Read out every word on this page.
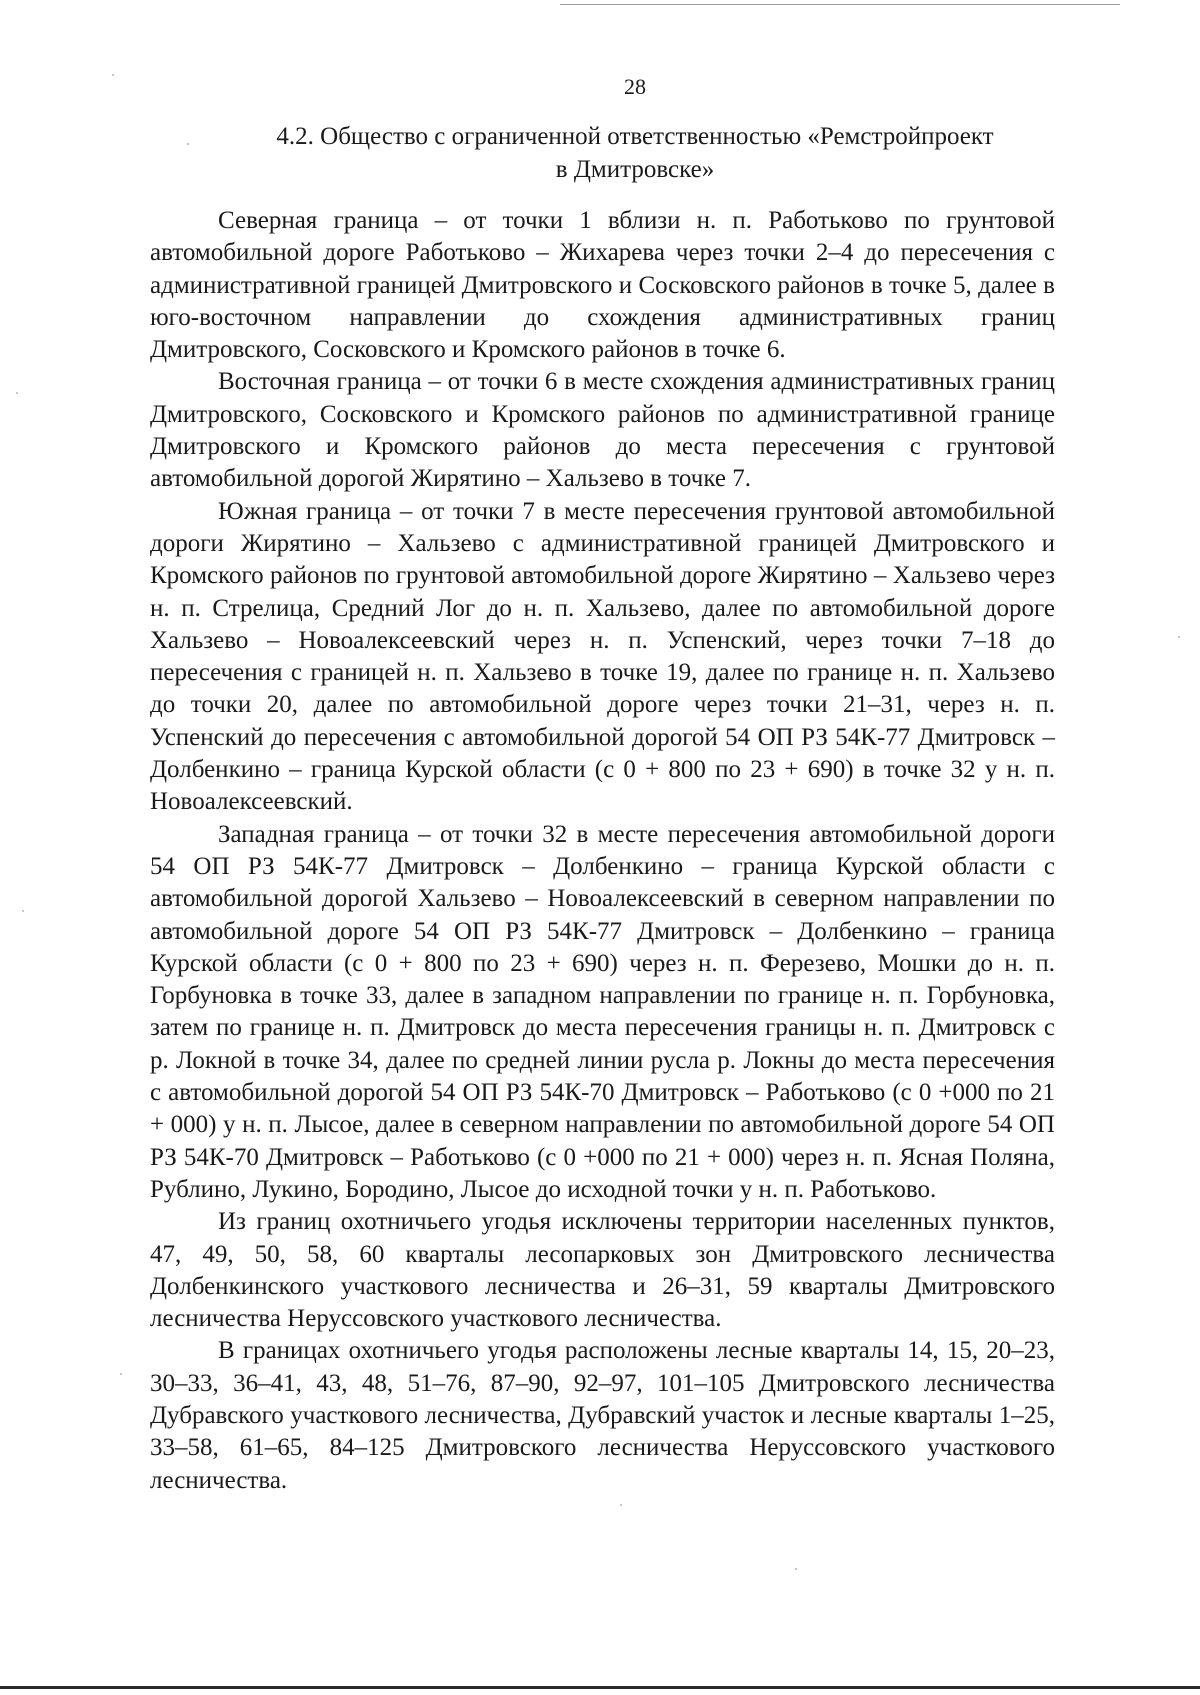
28
4.2. Общество с ограниченной ответственностью «Ремстройпроект
в Дмитровске»

Северная граница – от точки 1 вблизи н. п. Работьково по грунтовой автомобильной дороге Работьково – Жихарева через точки 2–4 до пересечения с административной границей Дмитровского и Сосковского районов в точке 5, далее в юго-восточном направлении до схождения административных границ Дмитровского, Сосковского и Кромского районов в точке 6.

Восточная граница – от точки 6 в месте схождения административных границ Дмитровского, Сосковского и Кромского районов по административной границе Дмитровского и Кромского районов до места пересечения с грунтовой автомобильной дорогой Жирятино – Хальзево в точке 7.

Южная граница – от точки 7 в месте пересечения грунтовой автомобильной дороги Жирятино – Хальзево с административной границей Дмитровского и Кромского районов по грунтовой автомобильной дороге Жирятино – Хальзево через н. п. Стрелица, Средний Лог до н. п. Хальзево, далее по автомобильной дороге Хальзево – Новоалексеевский через н. п. Успенский, через точки 7–18 до пересечения с границей н. п. Хальзево в точке 19, далее по границе н. п. Хальзево до точки 20, далее по автомобильной дороге через точки 21–31, через н. п. Успенский до пересечения с автомобильной дорогой 54 ОП РЗ 54К-77 Дмитровск – Долбенкино – граница Курской области (с 0 + 800 по 23 + 690) в точке 32 у н. п. Новоалексеевский.

Западная граница – от точки 32 в месте пересечения автомобильной дороги 54 ОП РЗ 54К-77 Дмитровск – Долбенкино – граница Курской области с автомобильной дорогой Хальзево – Новоалексеевский в северном направлении по автомобильной дороге 54 ОП РЗ 54К-77 Дмитровск – Долбенкино – граница Курской области (с 0 + 800 по 23 + 690) через н. п. Ферезево, Мошки до н. п. Горбуновка в точке 33, далее в западном направлении по границе н. п. Горбуновка, затем по границе н. п. Дмитровск до места пересечения границы н. п. Дмитровск с р. Локной в точке 34, далее по средней линии русла р. Локны до места пересечения с автомобильной дорогой 54 ОП РЗ 54К-70 Дмитровск – Работьково (с 0 +000 по 21 + 000) у н. п. Лысое, далее в северном направлении по автомобильной дороге 54 ОП РЗ 54К-70 Дмитровск – Работьково (с 0 +000 по 21 + 000) через н. п. Ясная Поляна, Рублино, Лукино, Бородино, Лысое до исходной точки у н. п. Работьково.

Из границ охотничьего угодья исключены территории населенных пунктов, 47, 49, 50, 58, 60 кварталы лесопарковых зон Дмитровского лесничества Долбенкинского участкового лесничества и 26–31, 59 кварталы Дмитровского лесничества Неруссовского участкового лесничества.

В границах охотничьего угодья расположены лесные кварталы 14, 15, 20–23, 30–33, 36–41, 43, 48, 51–76, 87–90, 92–97, 101–105 Дмитровского лесничества Дубравского участкового лесничества, Дубравский участок и лесные кварталы 1–25, 33–58, 61–65, 84–125 Дмитровского лесничества Неруссовского участкового лесничества.
